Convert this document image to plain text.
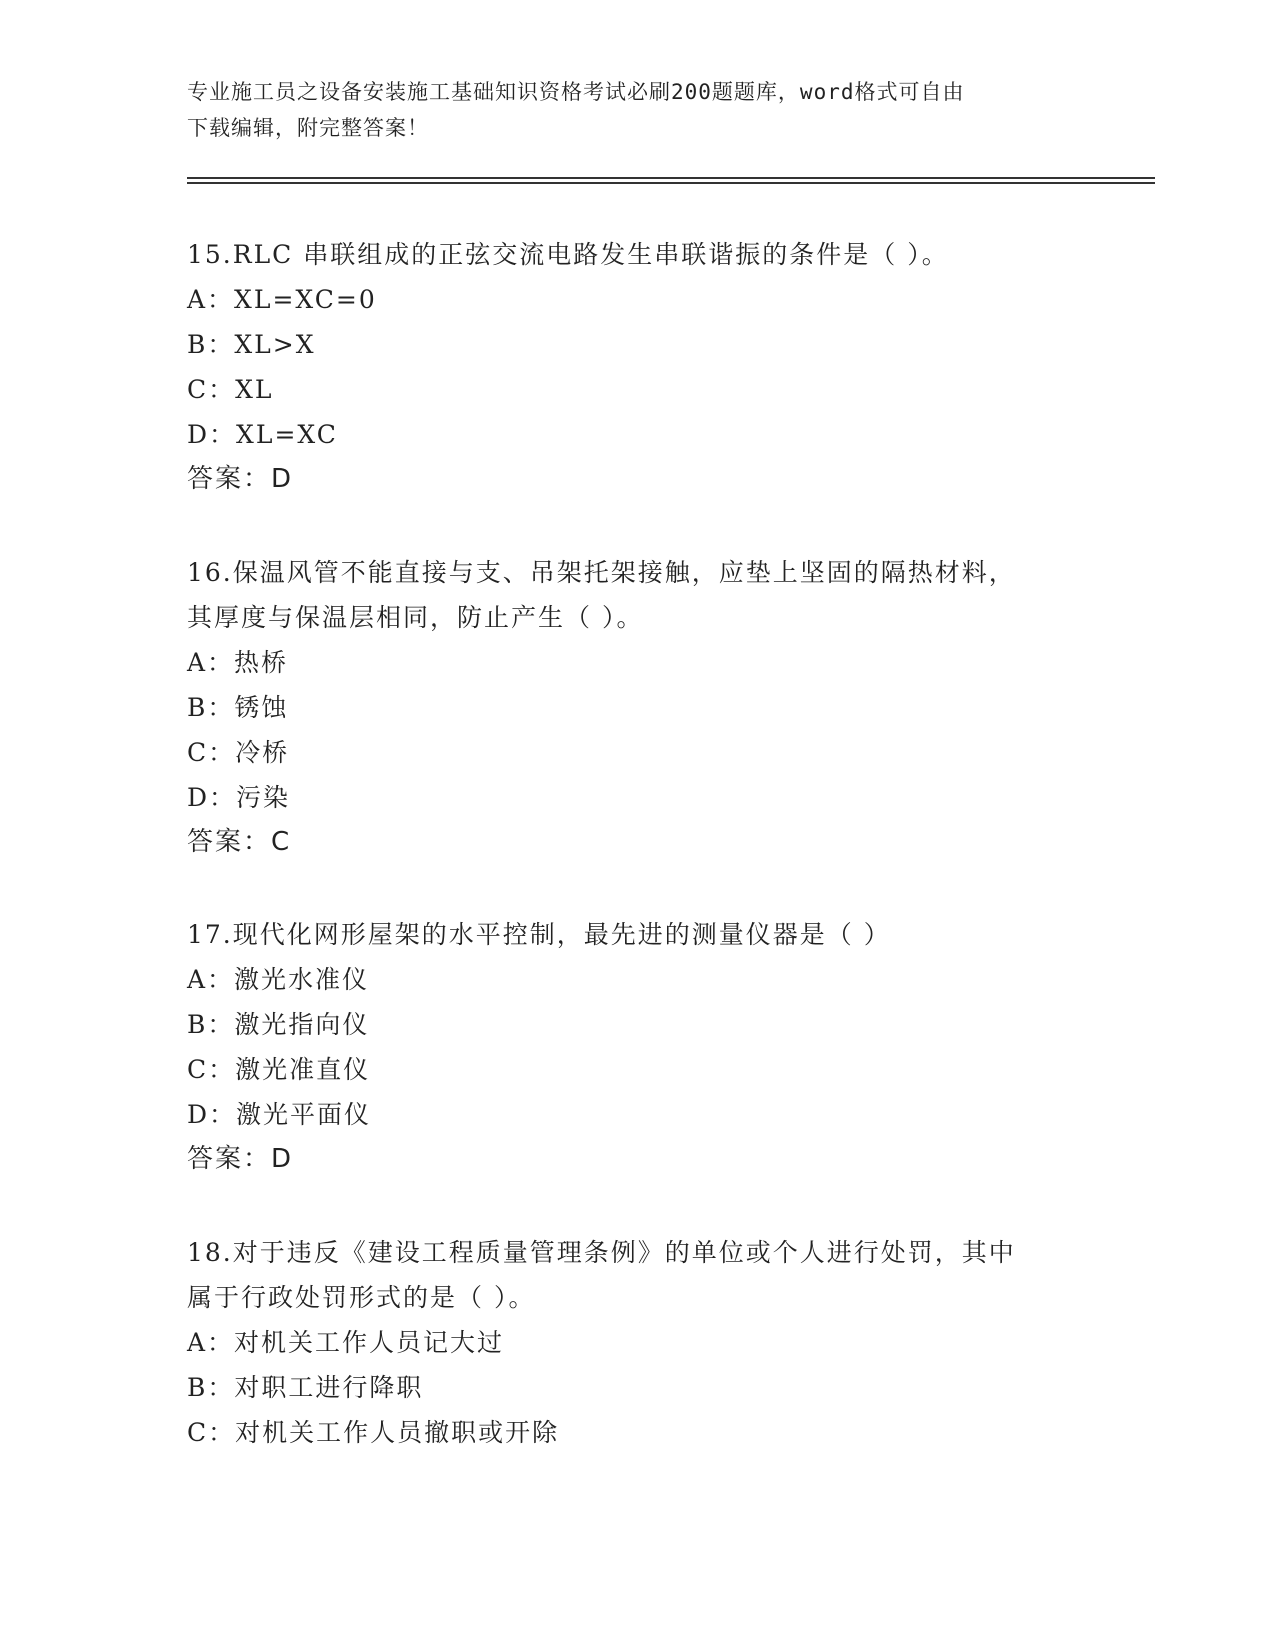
专业施工员之设备安装施工基础知识资格考试必刷200题题库，word格式可自由
下载编辑，附完整答案！
15.RLC 串联组成的正弦交流电路发生串联谐振的条件是（ ）。
A：XL=XC=0
B：XL>X
C：XL
D：XL=XC
答案：D
16.保温风管不能直接与支、吊架托架接触，应垫上坚固的隔热材料，
其厚度与保温层相同，防止产生（ ）。
A：热桥
B：锈蚀
C：冷桥
D：污染
答案：C
17.现代化网形屋架的水平控制，最先进的测量仪器是（ ）
A：激光水准仪
B：激光指向仪
C：激光准直仪
D：激光平面仪
答案：D
18.对于违反《建设工程质量管理条例》的单位或个人进行处罚，其中
属于行政处罚形式的是（ ）。
A：对机关工作人员记大过
B：对职工进行降职
C：对机关工作人员撤职或开除
